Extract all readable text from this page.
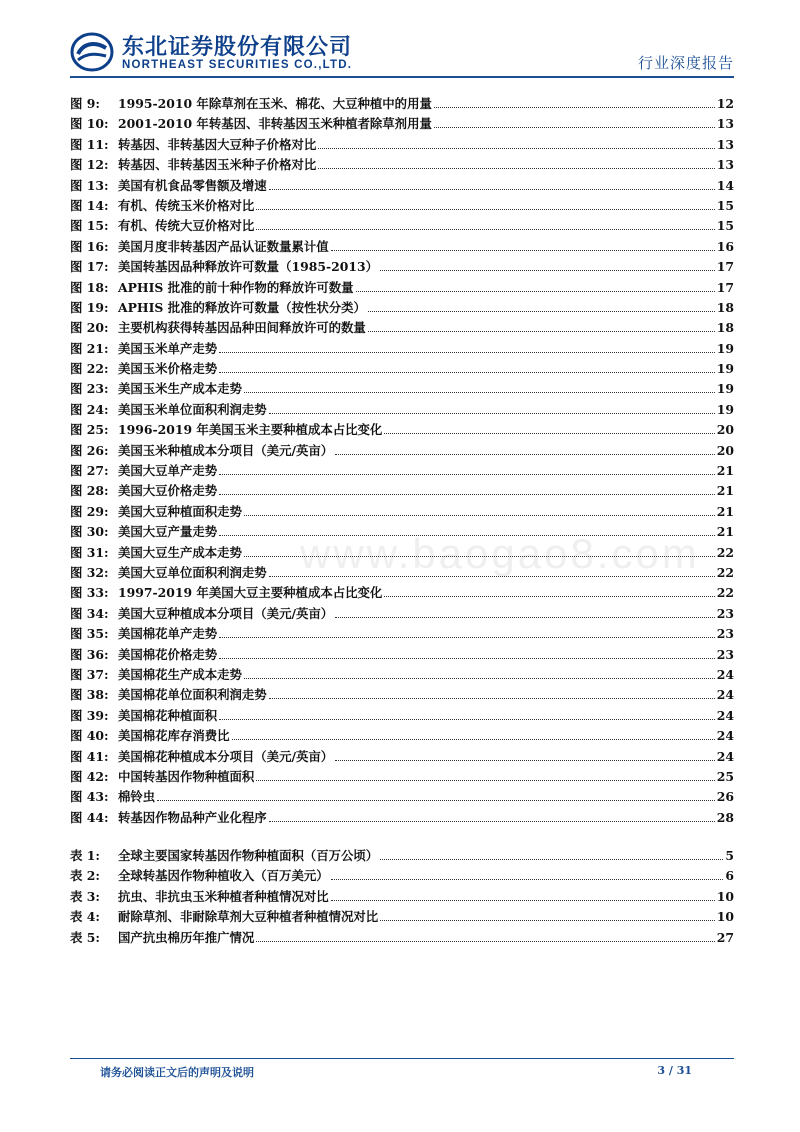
东北证券股份有限公司
NORTHEAST SECURITIES CO.,LTD.	行业深度报告
www.baogao8.com
图 9:	1995-2010 年除草剂在玉米、棉花、大豆种植中的用量	12
图 10: 2001-2010 年转基因、非转基因玉米种植者除草剂用量	13
图 11: 转基因、非转基因大豆种子价格对比	13
图 12: 转基因、非转基因玉米种子价格对比	13
图 13: 美国有机食品零售额及增速	14
图 14: 有机、传统玉米价格对比	15
图 15: 有机、传统大豆价格对比	15
图 16: 美国月度非转基因产品认证数量累计值	16
图 17: 美国转基因品种释放许可数量（1985-2013）	17
图 18: APHIS 批准的前十种作物的释放许可数量	17
图 19: APHIS 批准的释放许可数量（按性状分类）	18
图 20: 主要机构获得转基因品种田间释放许可的数量	18
图 21: 美国玉米单产走势	19
图 22: 美国玉米价格走势	19
图 23: 美国玉米生产成本走势	19
图 24: 美国玉米单位面积利润走势	19
图 25: 1996-2019 年美国玉米主要种植成本占比变化	20
图 26: 美国玉米种植成本分项目（美元/英亩）	20
图 27: 美国大豆单产走势	21
图 28: 美国大豆价格走势	21
图 29: 美国大豆种植面积走势	21
图 30: 美国大豆产量走势	21
图 31: 美国大豆生产成本走势	22
图 32: 美国大豆单位面积利润走势	22
图 33: 1997-2019 年美国大豆主要种植成本占比变化	22
图 34: 美国大豆种植成本分项目（美元/英亩）	23
图 35: 美国棉花单产走势	23
图 36: 美国棉花价格走势	23
图 37: 美国棉花生产成本走势	24
图 38: 美国棉花单位面积利润走势	24
图 39: 美国棉花种植面积	24
图 40: 美国棉花库存消费比	24
图 41: 美国棉花种植成本分项目（美元/英亩）	24
图 42: 中国转基因作物种植面积	25
图 43: 棉铃虫	26
图 44: 转基因作物品种产业化程序	28
表 1:	全球主要国家转基因作物种植面积（百万公顷）	5
表 2:	全球转基因作物种植收入（百万美元）	6
表 3:	抗虫、非抗虫玉米种植者种植情况对比	10
表 4:	耐除草剂、非耐除草剂大豆种植者种植情况对比	10
表 5:	国产抗虫棉历年推广情况	27
请务必阅读正文后的声明及说明	3 / 31
